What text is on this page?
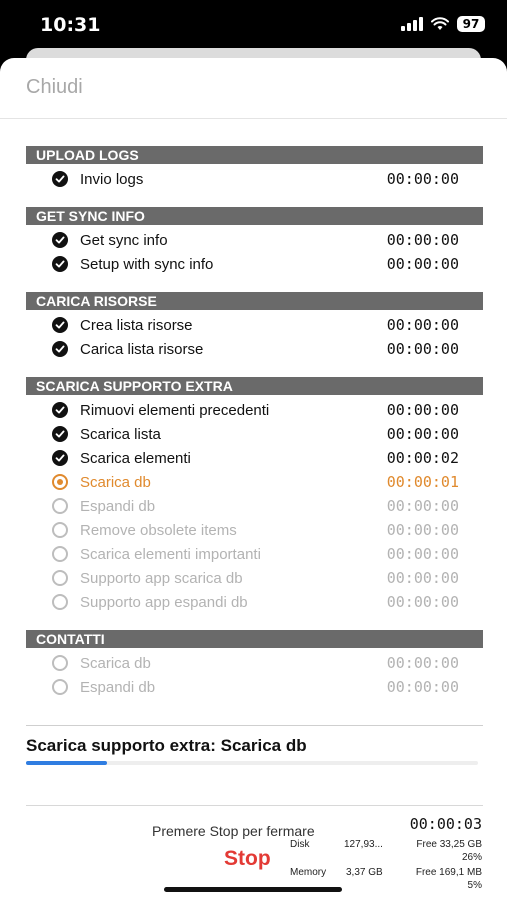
10:31	97
Chiudi
UPLOAD LOGS
Invio logs	00:00:00
GET SYNC INFO
Get sync info	00:00:00
Setup with sync info	00:00:00
CARICA RISORSE
Crea lista risorse	00:00:00
Carica lista risorse	00:00:00
SCARICA SUPPORTO EXTRA
Rimuovi elementi precedenti	00:00:00
Scarica lista	00:00:00
Scarica elementi	00:00:02
Scarica db	00:00:01
Espandi db	00:00:00
Remove obsolete items	00:00:00
Scarica elementi importanti	00:00:00
Supporto app scarica db	00:00:00
Supporto app espandi db	00:00:00
CONTATTI
Scarica db	00:00:00
Espandi db	00:00:00
Scarica supporto extra: Scarica db
Premere Stop per fermare	00:00:03
Stop
Disk	127,93...	Free 33,25 GB
26%
Memory 3,37 GB	Free 169,1 MB
5%
